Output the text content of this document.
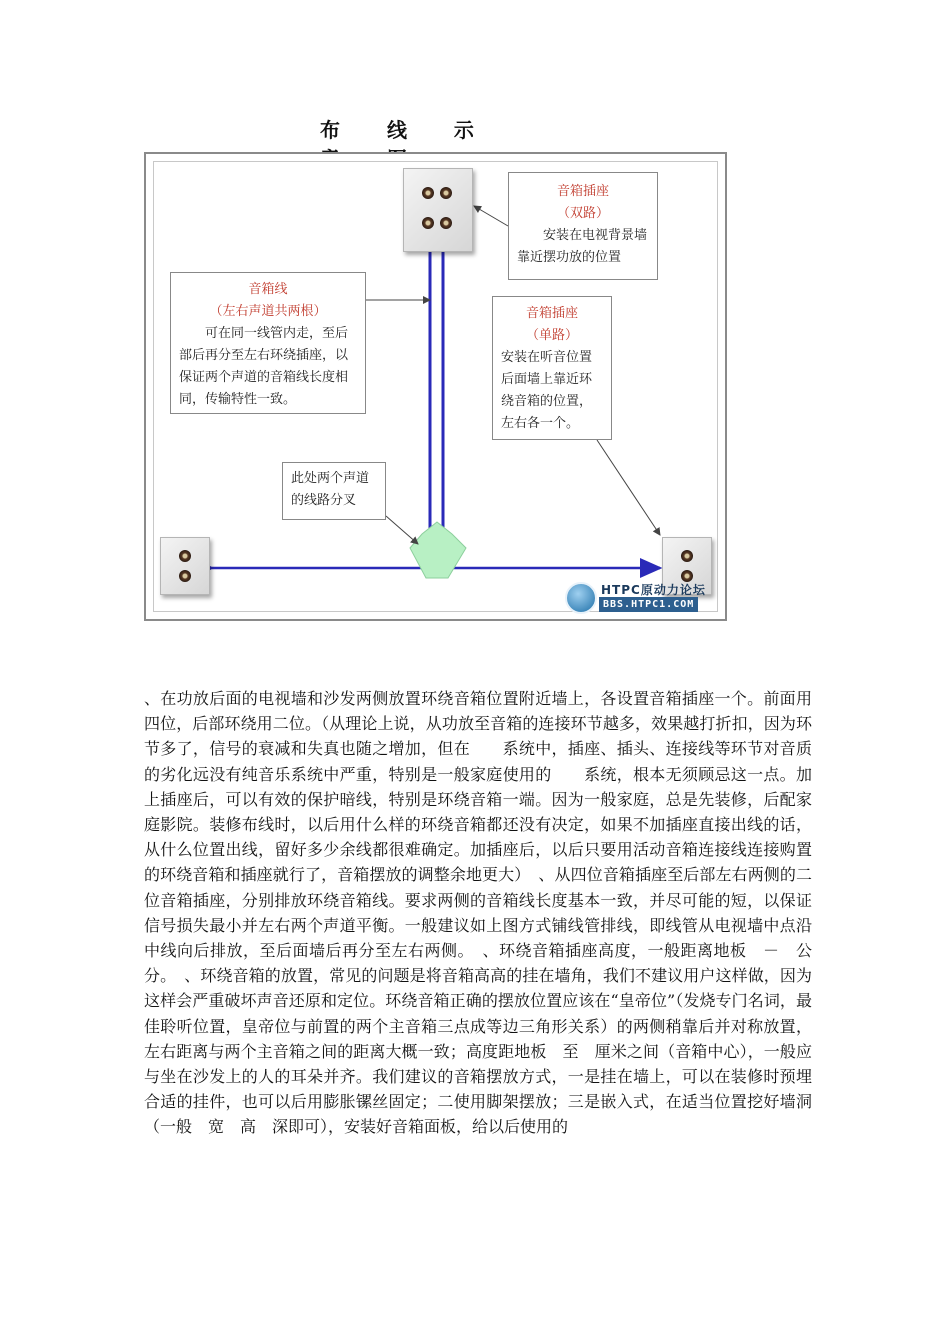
布 线 示
音箱插座
（双路）
安装在电视背景墙靠近摆功放的位置
音箱线
（左右声道共两根）
可在同一线管内走，至后部后再分至左右环绕插座，以保证两个声道的音箱线长度相同，传输特性一致。
音箱插座
（单路）
安装在听音位置后面墙上靠近环绕音箱的位置，左右各一个。
此处两个声道的线路分叉
HTPC原动力论坛
BBS.HTPC1.COM
、在功放后面的电视墙和沙发两侧放置环绕音箱位置附近墙上，各设置音箱插座一个。前面用四位，后部环绕用二位。（从理论上说，从功放至音箱的连接环节越多，效果越打折扣，因为环节多了，信号的衰减和失真也随之增加，但在　　系统中，插座、插头、连接线等环节对音质的劣化远没有纯音乐系统中严重，特别是一般家庭使用的　　系统，根本无须顾忌这一点。加上插座后，可以有效的保护暗线，特别是环绕音箱一端。因为一般家庭，总是先装修，后配家庭影院。装修布线时，以后用什么样的环绕音箱都还没有决定，如果不加插座直接出线的话，从什么位置出线，留好多少余线都很难确定。加插座后，以后只要用活动音箱连接线连接购置的环绕音箱和插座就行了，音箱摆放的调整余地更大）　、从四位音箱插座至后部左右两侧的二位音箱插座，分别排放环绕音箱线。要求两侧的音箱线长度基本一致，并尽可能的短，以保证信号损失最小并左右两个声道平衡。一般建议如上图方式铺线管排线，即线管从电视墙中点沿中线向后排放，至后面墙后再分至左右两侧。　、环绕音箱插座高度，一般距离地板　－　公分。　、环绕音箱的放置，常见的问题是将音箱高高的挂在墙角，我们不建议用户这样做，因为这样会严重破坏声音还原和定位。环绕音箱正确的摆放位置应该在“皇帝位”（发烧专门名词，最佳聆听位置，皇帝位与前置的两个主音箱三点成等边三角形关系）的两侧稍靠后并对称放置，左右距离与两个主音箱之间的距离大概一致；高度距地板　至　厘米之间（音箱中心），一般应与坐在沙发上的人的耳朵并齐。我们建议的音箱摆放方式，一是挂在墙上，可以在装修时预埋合适的挂件，也可以后用膨胀镙丝固定；二使用脚架摆放；三是嵌入式，在适当位置挖好墙洞（一般　宽　高　深即可），安装好音箱面板，给以后使用的
